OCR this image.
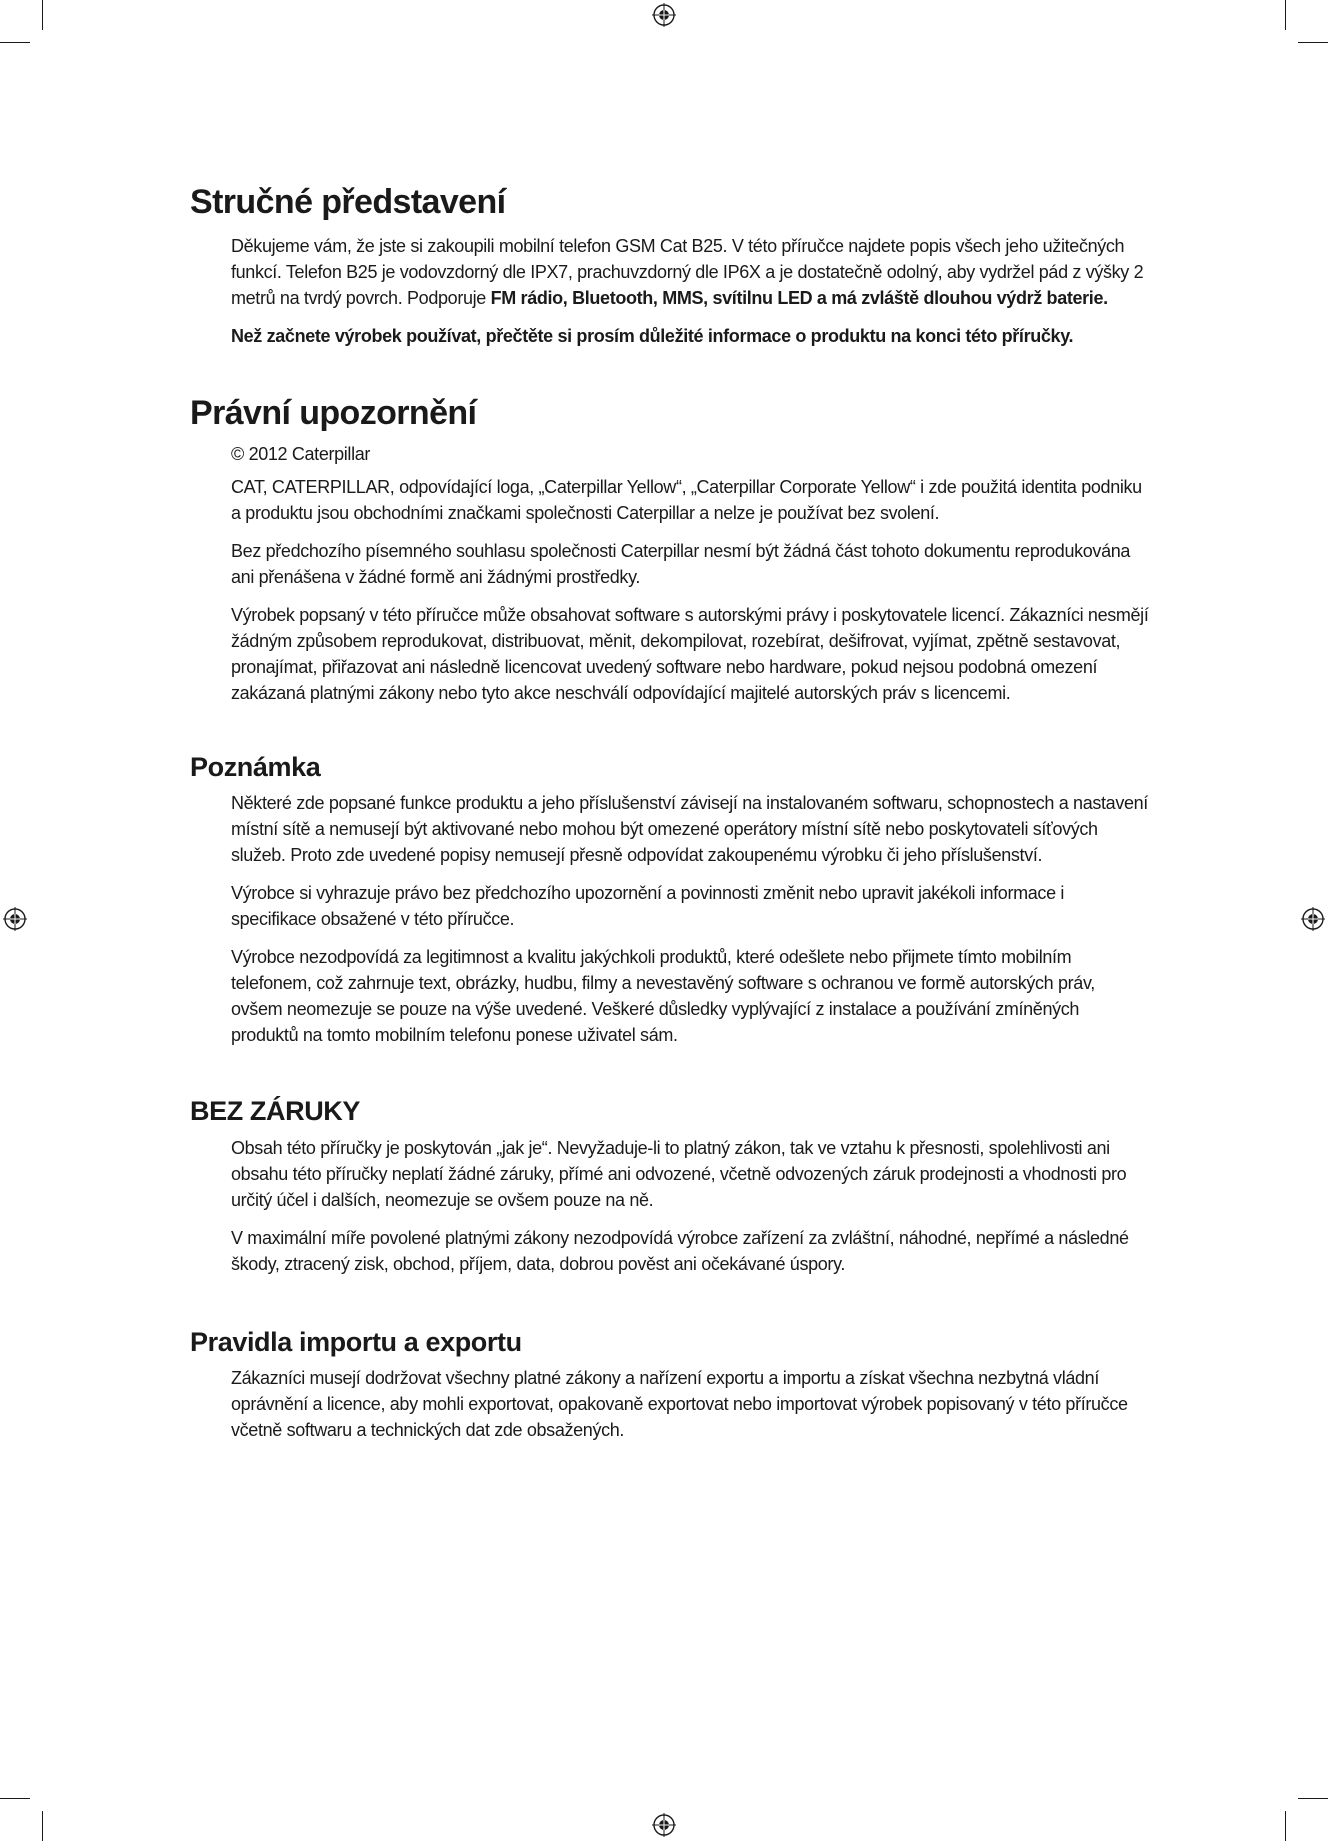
Stručné představení

Děkujeme vám, že jste si zakoupili mobilní telefon GSM Cat B25. V této příručce najdete popis všech jeho užitečných funkcí. Telefon B25 je vodovzdorný dle IPX7, prachuvzdorný dle IP6X a je dostatečně odolný, aby vydržel pád z výšky 2 metrů na tvrdý povrch. Podporuje FM rádio, Bluetooth, MMS, svítilnu LED a má zvláště dlouhou výdrž baterie.

Než začnete výrobek používat, přečtěte si prosím důležité informace o produktu na konci této příručky.

Právní upozornění

© 2012 Caterpillar

CAT, CATERPILLAR, odpovídající loga, „Caterpillar Yellow“, „Caterpillar Corporate Yellow“ i zde použitá identita podniku a produktu jsou obchodními značkami společnosti Caterpillar a nelze je používat bez svolení.

Bez předchozího písemného souhlasu společnosti Caterpillar nesmí být žádná část tohoto dokumentu reprodukována ani přenášena v žádné formě ani žádnými prostředky.

Výrobek popsaný v této příručce může obsahovat software s autorskými právy i poskytovatele licencí. Zákazníci nesmějí žádným způsobem reprodukovat, distribuovat, měnit, dekompilovat, rozebírat, dešifrovat, vyjímat, zpětně sestavovat, pronajímat, přiřazovat ani následně licencovat uvedený software nebo hardware, pokud nejsou podobná omezení zakázaná platnými zákony nebo tyto akce neschválí odpovídající majitelé autorských práv s licencemi.

Poznámka

Některé zde popsané funkce produktu a jeho příslušenství závisejí na instalovaném softwaru, schopnostech a nastavení místní sítě a nemusejí být aktivované nebo mohou být omezené operátory místní sítě nebo poskytovateli síťových služeb. Proto zde uvedené popisy nemusejí přesně odpovídat zakoupenému výrobku či jeho příslušenství.

Výrobce si vyhrazuje právo bez předchozího upozornění a povinnosti změnit nebo upravit jakékoli informace i specifikace obsažené v této příručce.

Výrobce nezodpovídá za legitimnost a kvalitu jakýchkoli produktů, které odešlete nebo přijmete tímto mobilním telefonem, což zahrnuje text, obrázky, hudbu, filmy a nevestavěný software s ochranou ve formě autorských práv, ovšem neomezuje se pouze na výše uvedené. Veškeré důsledky vyplývající z instalace a používání zmíněných produktů na tomto mobilním telefonu ponese uživatel sám.

BEZ ZÁRUKY

Obsah této příručky je poskytován „jak je“. Nevyžaduje-li to platný zákon, tak ve vztahu k přesnosti, spolehlivosti ani obsahu této příručky neplatí žádné záruky, přímé ani odvozené, včetně odvozených záruk prodejnosti a vhodnosti pro určitý účel i dalších, neomezuje se ovšem pouze na ně.

V maximální míře povolené platnými zákony nezodpovídá výrobce zařízení za zvláštní, náhodné, nepřímé a následné škody, ztracený zisk, obchod, příjem, data, dobrou pověst ani očekávané úspory.

Pravidla importu a exportu

Zákazníci musejí dodržovat všechny platné zákony a nařízení exportu a importu a získat všechna nezbytná vládní oprávnění a licence, aby mohli exportovat, opakovaně exportovat nebo importovat výrobek popisovaný v této příručce včetně softwaru a technických dat zde obsažených.
